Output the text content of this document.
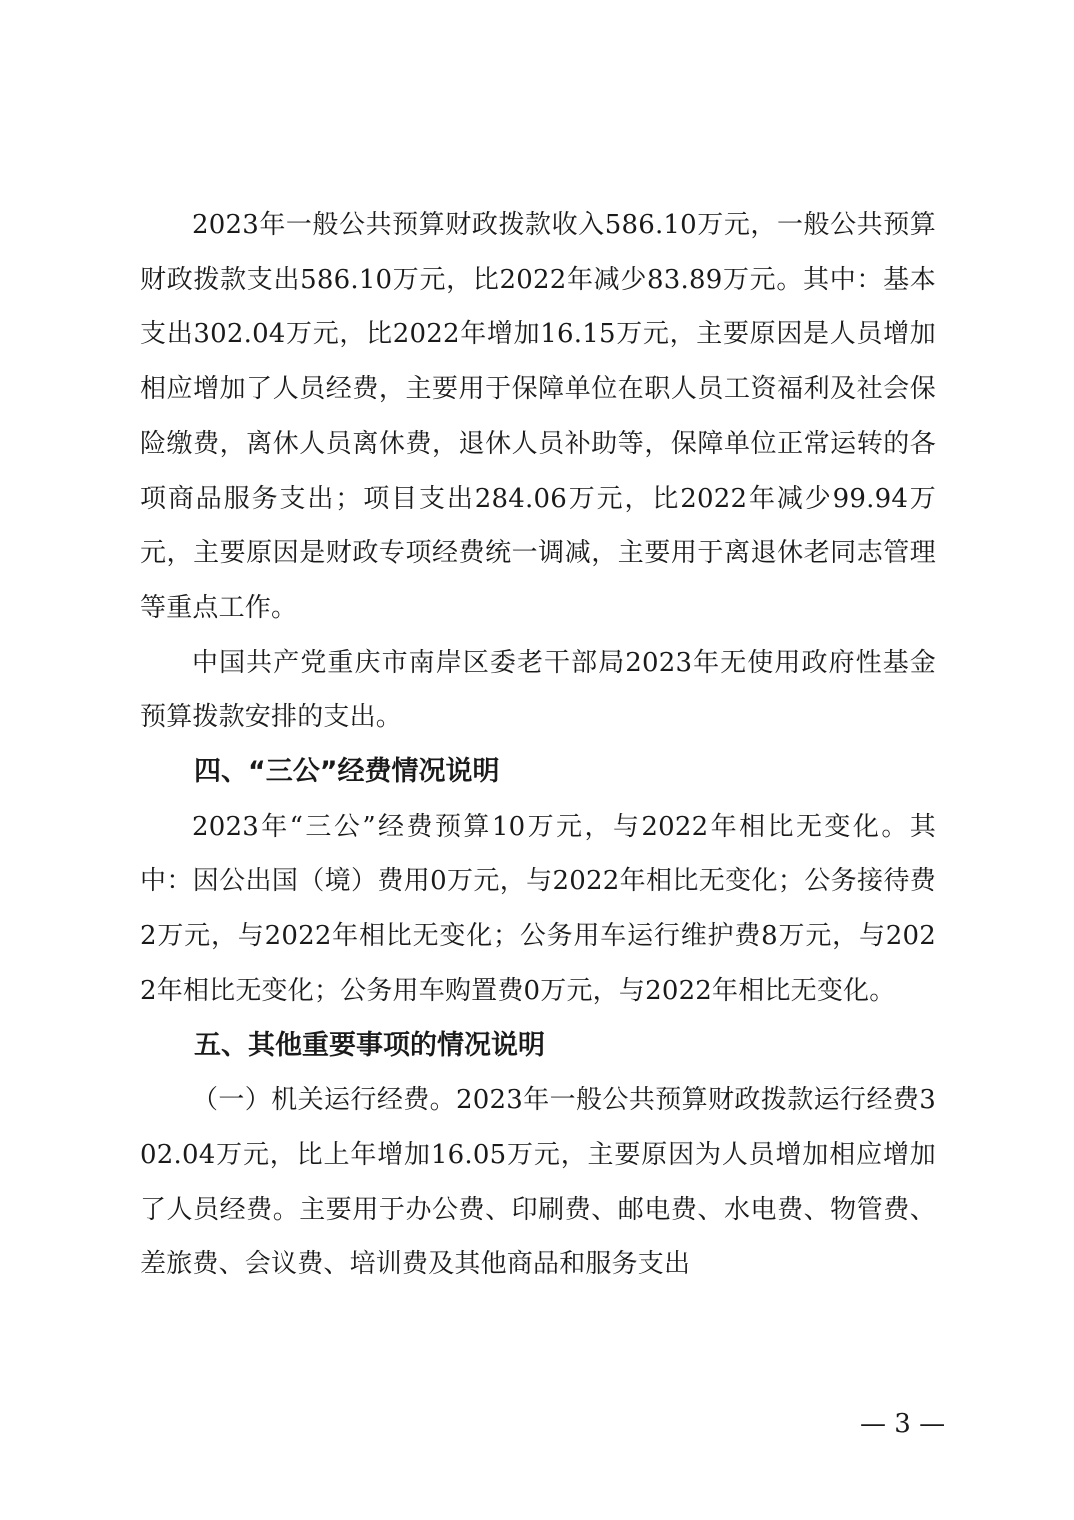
2023年一般公共预算财政拨款收入586.10万元，一般公共预算财政拨款支出586.10万元，比2022年减少83.89万元。其中：基本支出302.04万元，比2022年增加16.15万元，主要原因是人员增加相应增加了人员经费，主要用于保障单位在职人员工资福利及社会保险缴费，离休人员离休费，退休人员补助等，保障单位正常运转的各项商品服务支出；项目支出284.06万元，比2022年减少99.94万元，主要原因是财政专项经费统一调减，主要用于离退休老同志管理等重点工作。

中国共产党重庆市南岸区委老干部局2023年无使用政府性基金预算拨款安排的支出。

四、“三公”经费情况说明

2023年“三公”经费预算10万元，与2022年相比无变化。其中：因公出国（境）费用0万元，与2022年相比无变化；公务接待费2万元，与2022年相比无变化；公务用车运行维护费8万元，与2022年相比无变化；公务用车购置费0万元，与2022年相比无变化。

五、其他重要事项的情况说明

（一）机关运行经费。2023年一般公共预算财政拨款运行经费302.04万元，比上年增加16.05万元，主要原因为人员增加相应增加了人员经费。主要用于办公费、印刷费、邮电费、水电费、物管费、差旅费、会议费、培训费及其他商品和服务支出

— 3 —
